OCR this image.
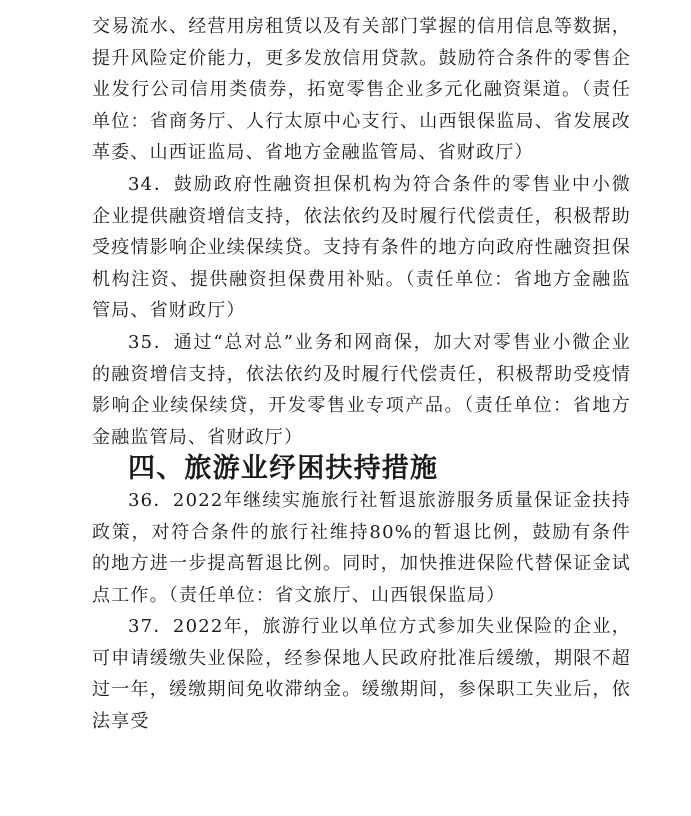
交易流水、经营用房租赁以及有关部门掌握的信用信息等数据，提升风险定价能力，更多发放信用贷款。鼓励符合条件的零售企业发行公司信用类债券，拓宽零售企业多元化融资渠道。（责任单位：省商务厅、人行太原中心支行、山西银保监局、省发展改革委、山西证监局、省地方金融监管局、省财政厅）

34．鼓励政府性融资担保机构为符合条件的零售业中小微企业提供融资增信支持，依法依约及时履行代偿责任，积极帮助受疫情影响企业续保续贷。支持有条件的地方向政府性融资担保机构注资、提供融资担保费用补贴。（责任单位：省地方金融监管局、省财政厅）

35．通过“总对总”业务和网商保，加大对零售业小微企业的融资增信支持，依法依约及时履行代偿责任，积极帮助受疫情影响企业续保续贷，开发零售业专项产品。（责任单位：省地方金融监管局、省财政厅）

四、旅游业纾困扶持措施

36．2022年继续实施旅行社暂退旅游服务质量保证金扶持政策，对符合条件的旅行社维持80%的暂退比例，鼓励有条件的地方进一步提高暂退比例。同时，加快推进保险代替保证金试点工作。（责任单位：省文旅厅、山西银保监局）

37．2022年，旅游行业以单位方式参加失业保险的企业，可申请缓缴失业保险，经参保地人民政府批准后缓缴，期限不超过一年，缓缴期间免收滞纳金。缓缴期间，参保职工失业后，依法享受
